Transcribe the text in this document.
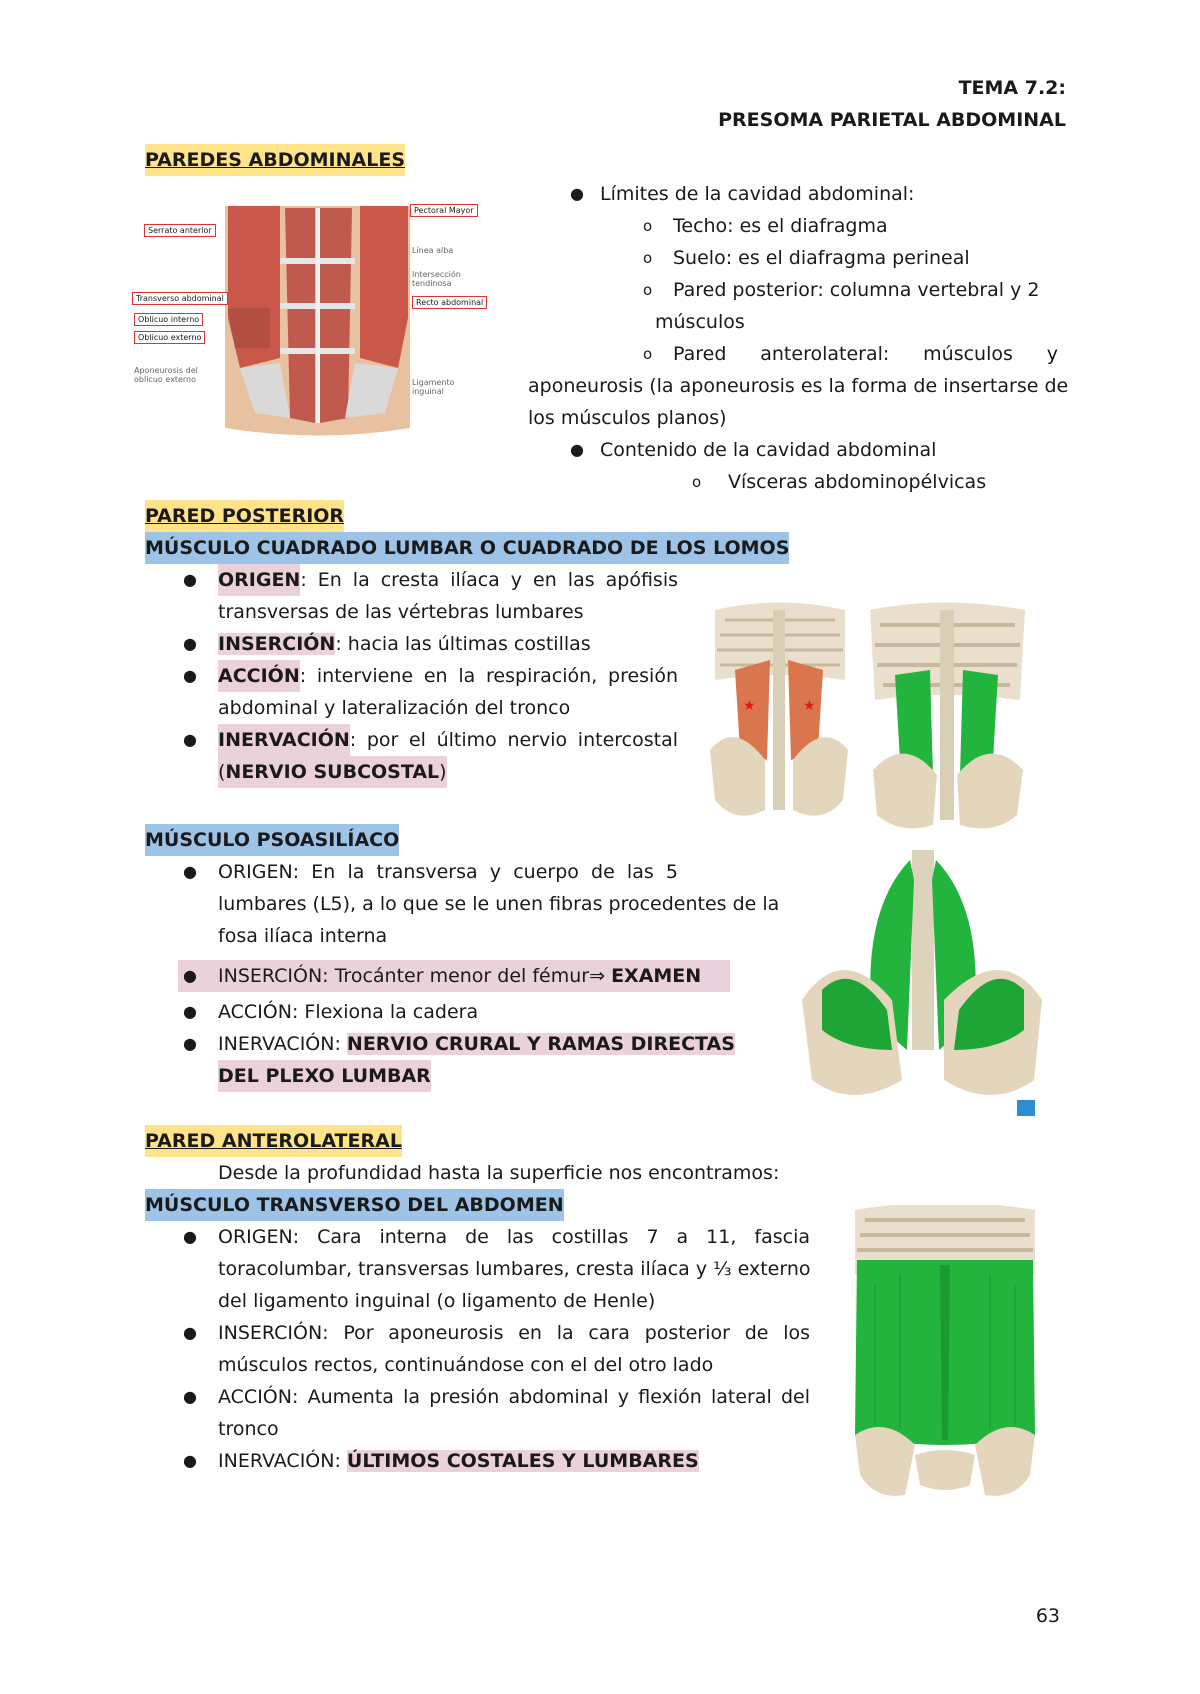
TEMA 7.2:
PRESOMA PARIETAL ABDOMINAL
PAREDES ABDOMINALES
Pectoral Mayor
Serrato anterior
Línea alba
Intersección tendinosa
Transverso abdominal	Recto abdominal
Oblicuo interno
Oblicuo externo
Aponeurosis del oblicuo externo	Ligamento inguinal
● Límites de la cavidad abdominal:
o Techo: es el diafragma
o Suelo: es el diafragma perineal
o Pared posterior: columna vertebral y 2
músculos
o Pared anterolateral: músculos y
aponeurosis (la aponeurosis es la forma de insertarse de
los músculos planos)
● Contenido de la cavidad abdominal
o Vísceras abdominopélvicas
PARED POSTERIOR
MÚSCULO CUADRADO LUMBAR O CUADRADO DE LOS LOMOS
● ORIGEN : En la cresta ilíaca y en las apófisis
transversas de las vértebras lumbares
● INSERCIÓN: hacia las últimas costillas
● ACCIÓN : interviene en la respiración, presión
abdominal y lateralización del tronco
● INERVACIÓN : por el último nervio intercostal
(NERVIO SUBCOSTAL)
★	★
MÚSCULO PSOASILÍACO
● ORIGEN: En la transversa y cuerpo de las 5
lumbares (L5), a lo que se le unen fibras procedentes de la
fosa ilíaca interna
● INSERCIÓN: Trocánter menor del fémur⇒ EXAMEN
● ACCIÓN: Flexiona la cadera
● INERVACIÓN: NERVIO CRURAL Y RAMAS DIRECTAS
DEL PLEXO LUMBAR
PARED ANTEROLATERAL
Desde la profundidad hasta la superficie nos encontramos:
MÚSCULO TRANSVERSO DEL ABDOMEN
● ORIGEN: Cara interna de las costillas 7 a 11, fascia
toracolumbar, transversas lumbares, cresta ilíaca y ⅓ externo
del ligamento inguinal (o ligamento de Henle)
● INSERCIÓN: Por aponeurosis en la cara posterior de los
músculos rectos, continuándose con el del otro lado
● ACCIÓN: Aumenta la presión abdominal y flexión lateral del
tronco
● INERVACIÓN: ÚLTIMOS COSTALES Y LUMBARES
63
